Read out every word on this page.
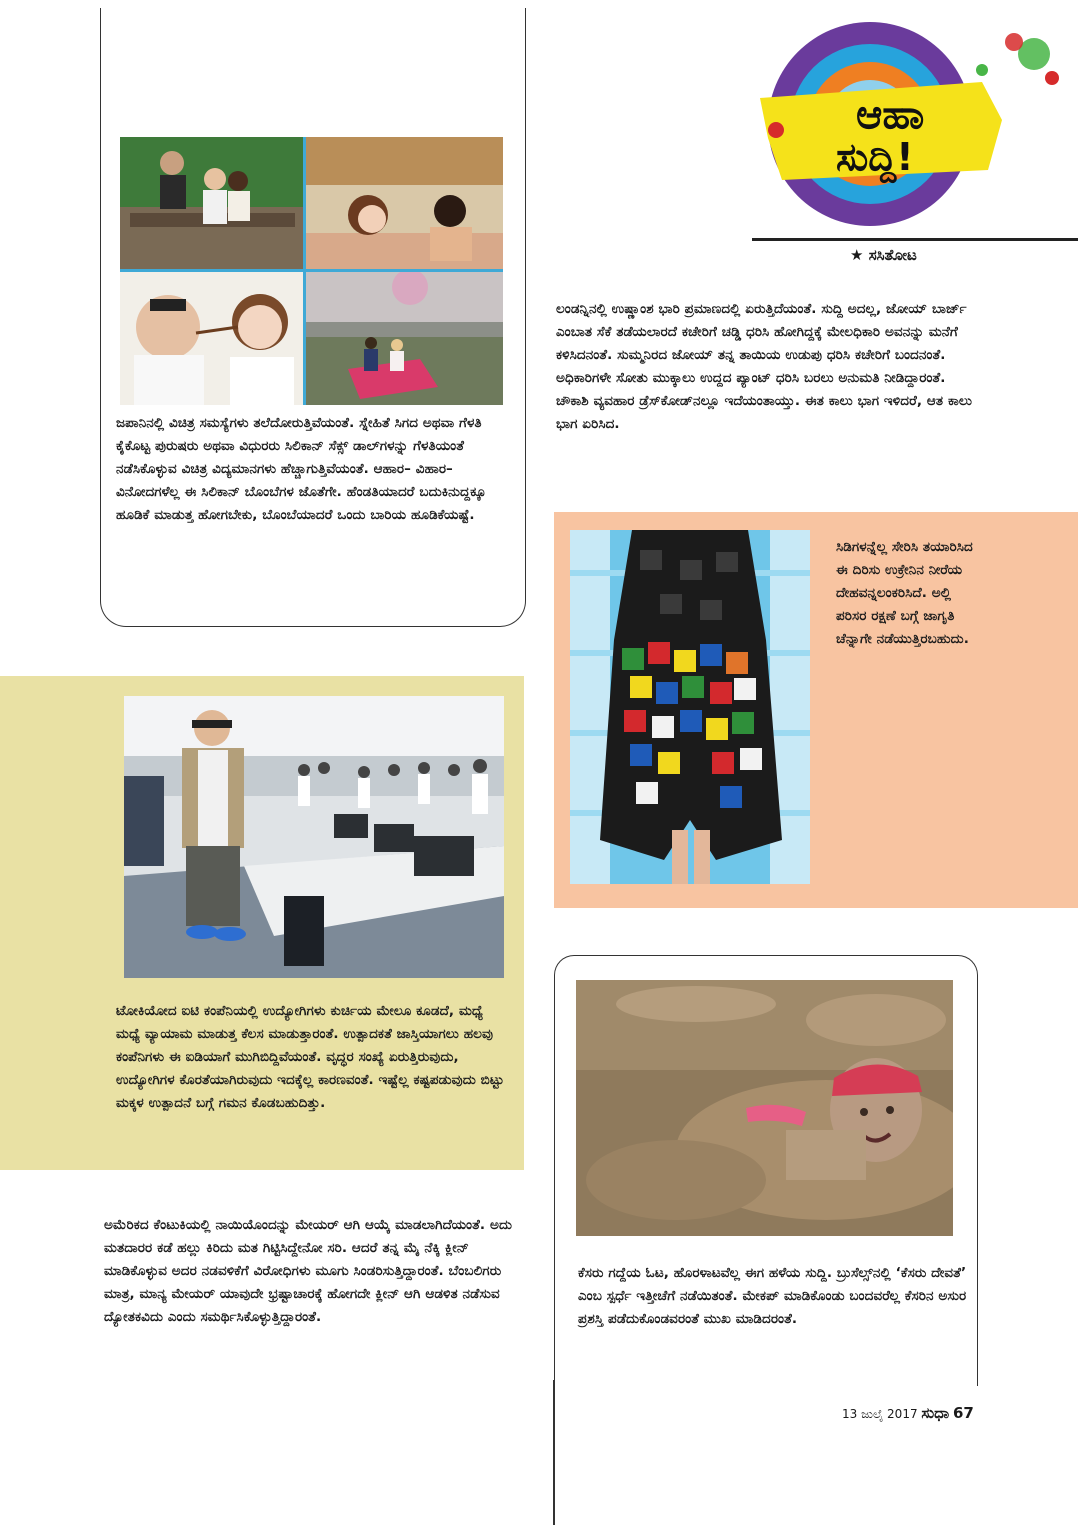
ಆಹಾ
ಸುದ್ದಿ!
★ ಸಸಿತೋಟ
ಜಪಾನಿನಲ್ಲಿ ವಿಚಿತ್ರ ಸಮಸ್ಯೆಗಳು ತಲೆದೋರುತ್ತಿವೆಯಂತೆ. ಸ್ನೇಹಿತೆ ಸಿಗದ ಅಥವಾ ಗೆಳತಿ ಕೈಕೊಟ್ಟ ಪುರುಷರು ಅಥವಾ ವಿಧುರರು ಸಿಲಿಕಾನ್ ಸೆಕ್ಸ್ ಡಾಲ್‌ಗಳನ್ನು ಗೆಳತಿಯಂತೆ ನಡೆಸಿಕೊಳ್ಳುವ ವಿಚಿತ್ರ ವಿದ್ಯಮಾನಗಳು ಹೆಚ್ಚಾಗುತ್ತಿವೆಯಂತೆ. ಆಹಾರ– ವಿಹಾರ– ವಿನೋದಗಳೆಲ್ಲ ಈ ಸಿಲಿಕಾನ್ ಬೊಂಬೆಗಳ ಜೊತೆಗೇ. ಹೆಂಡತಿಯಾದರೆ ಬದುಕಿನುದ್ದಕ್ಕೂ ಹೂಡಿಕೆ ಮಾಡುತ್ತ ಹೋಗಬೇಕು, ಬೊಂಬೆಯಾದರೆ ಒಂದು ಬಾರಿಯ ಹೂಡಿಕೆಯಷ್ಟೆ.
ಲಂಡನ್ನಿನಲ್ಲಿ ಉಷ್ಣಾಂಶ ಭಾರಿ ಪ್ರಮಾಣದಲ್ಲಿ ಏರುತ್ತಿದೆಯಂತೆ. ಸುದ್ದಿ ಅದಲ್ಲ, ಜೋಯ್ ಬಾರ್ಜ್ ಎಂಬಾತ ಸೆಕೆ ತಡೆಯಲಾರದೆ ಕಚೇರಿಗೆ ಚಡ್ಡಿ ಧರಿಸಿ ಹೋಗಿದ್ದಕ್ಕೆ ಮೇಲಧಿಕಾರಿ ಅವನನ್ನು ಮನೆಗೆ ಕಳಿಸಿದನಂತೆ. ಸುಮ್ಮನಿರದ ಜೋಯ್ ತನ್ನ ತಾಯಿಯ ಉಡುಪು ಧರಿಸಿ ಕಚೇರಿಗೆ ಬಂದನಂತೆ. ಅಧಿಕಾರಿಗಳೇ ಸೋತು ಮುಕ್ಕಾಲು ಉದ್ದದ ಪ್ಯಾಂಟ್ ಧರಿಸಿ ಬರಲು ಅನುಮತಿ ನೀಡಿದ್ದಾರಂತೆ. ಚೌಕಾಶಿ ವ್ಯವಹಾರ ಡ್ರೆಸ್‌ಕೋಡ್‌ನಲ್ಲೂ ಇದೆಯಂತಾಯ್ತು. ಈತ ಕಾಲು ಭಾಗ ಇಳಿದರೆ, ಆತ ಕಾಲು ಭಾಗ ಏರಿಸಿದ.
ಸಿಡಿಗಳನ್ನೆಲ್ಲ ಸೇರಿಸಿ ತಯಾರಿಸಿದ ಈ ದಿರಿಸು ಉಕ್ರೇನಿನ ನೀರೆಯ ದೇಹವನ್ನಲಂಕರಿಸಿದೆ. ಅಲ್ಲಿ ಪರಿಸರ ರಕ್ಷಣೆ ಬಗ್ಗೆ ಜಾಗೃತಿ ಚೆನ್ನಾಗೇ ನಡೆಯುತ್ತಿರಬಹುದು.
ಟೋಕಿಯೋದ ಐಟಿ ಕಂಪೆನಿಯಲ್ಲಿ ಉದ್ಯೋಗಿಗಳು ಕುರ್ಚಿಯ ಮೇಲೂ ಕೂಡದೆ, ಮಧ್ಯೆ ಮಧ್ಯೆ ವ್ಯಾಯಾಮ ಮಾಡುತ್ತ ಕೆಲಸ ಮಾಡುತ್ತಾರಂತೆ. ಉತ್ಪಾದಕತೆ ಜಾಸ್ತಿಯಾಗಲು ಹಲವು ಕಂಪೆನಿಗಳು ಈ ಐಡಿಯಾಗೆ ಮುಗಿಬಿದ್ದಿವೆಯಂತೆ. ವೃದ್ಧರ ಸಂಖ್ಯೆ ಏರುತ್ತಿರುವುದು, ಉದ್ಯೋಗಿಗಳ ಕೊರತೆಯಾಗಿರುವುದು ಇದಕ್ಕೆಲ್ಲ ಕಾರಣವಂತೆ. ಇಷ್ಟೆಲ್ಲ ಕಷ್ಟಪಡುವುದು ಬಿಟ್ಟು ಮಕ್ಕಳ ಉತ್ಪಾದನೆ ಬಗ್ಗೆ ಗಮನ ಕೊಡಬಹುದಿತ್ತು.
ಅಮೆರಿಕದ ಕೆಂಟುಕಿಯಲ್ಲಿ ನಾಯಿಯೊಂದನ್ನು ಮೇಯರ್ ಆಗಿ ಆಯ್ಕೆ ಮಾಡಲಾಗಿದೆಯಂತೆ. ಅದು ಮತದಾರರ ಕಡೆ ಹಲ್ಲು ಕಿರಿದು ಮತ ಗಿಟ್ಟಿಸಿದ್ದೇನೋ ಸರಿ. ಆದರೆ ತನ್ನ ಮೈ ನೆಕ್ಕಿ ಕ್ಲೀನ್ ಮಾಡಿಕೊಳ್ಳುವ ಅದರ ನಡವಳಿಕೆಗೆ ವಿರೋಧಿಗಳು ಮೂಗು ಸಿಂಡರಿಸುತ್ತಿದ್ದಾರಂತೆ. ಬೆಂಬಲಿಗರು ಮಾತ್ರ, ಮಾನ್ಯ ಮೇಯರ್ ಯಾವುದೇ ಭ್ರಷ್ಟಾಚಾರಕ್ಕೆ ಹೋಗದೇ ಕ್ಲೀನ್ ಆಗಿ ಆಡಳಿತ ನಡೆಸುವ ದ್ಯೋತಕವಿದು ಎಂದು ಸಮರ್ಥಿಸಿಕೊಳ್ಳುತ್ತಿದ್ದಾರಂತೆ.
ಕೆಸರು ಗದ್ದೆಯ ಓಟ, ಹೊರಳಾಟವೆಲ್ಲ ಈಗ ಹಳೆಯ ಸುದ್ದಿ. ಬ್ರುಸೆಲ್ಸ್‌ನಲ್ಲಿ ‘ಕೆಸರು ದೇವತೆ’ ಎಂಬ ಸ್ಪರ್ಧೆ ಇತ್ತೀಚೆಗೆ ನಡೆಯಿತಂತೆ. ಮೇಕಪ್ ಮಾಡಿಕೊಂಡು ಬಂದವರೆಲ್ಲ ಕೆಸರಿನ ಅಸುರ ಪ್ರಶಸ್ತಿ ಪಡೆದುಕೊಂಡವರಂತೆ ಮುಖ ಮಾಡಿದರಂತೆ.
13 ಜುಲೈ 2017 ಸುಧಾ 67
